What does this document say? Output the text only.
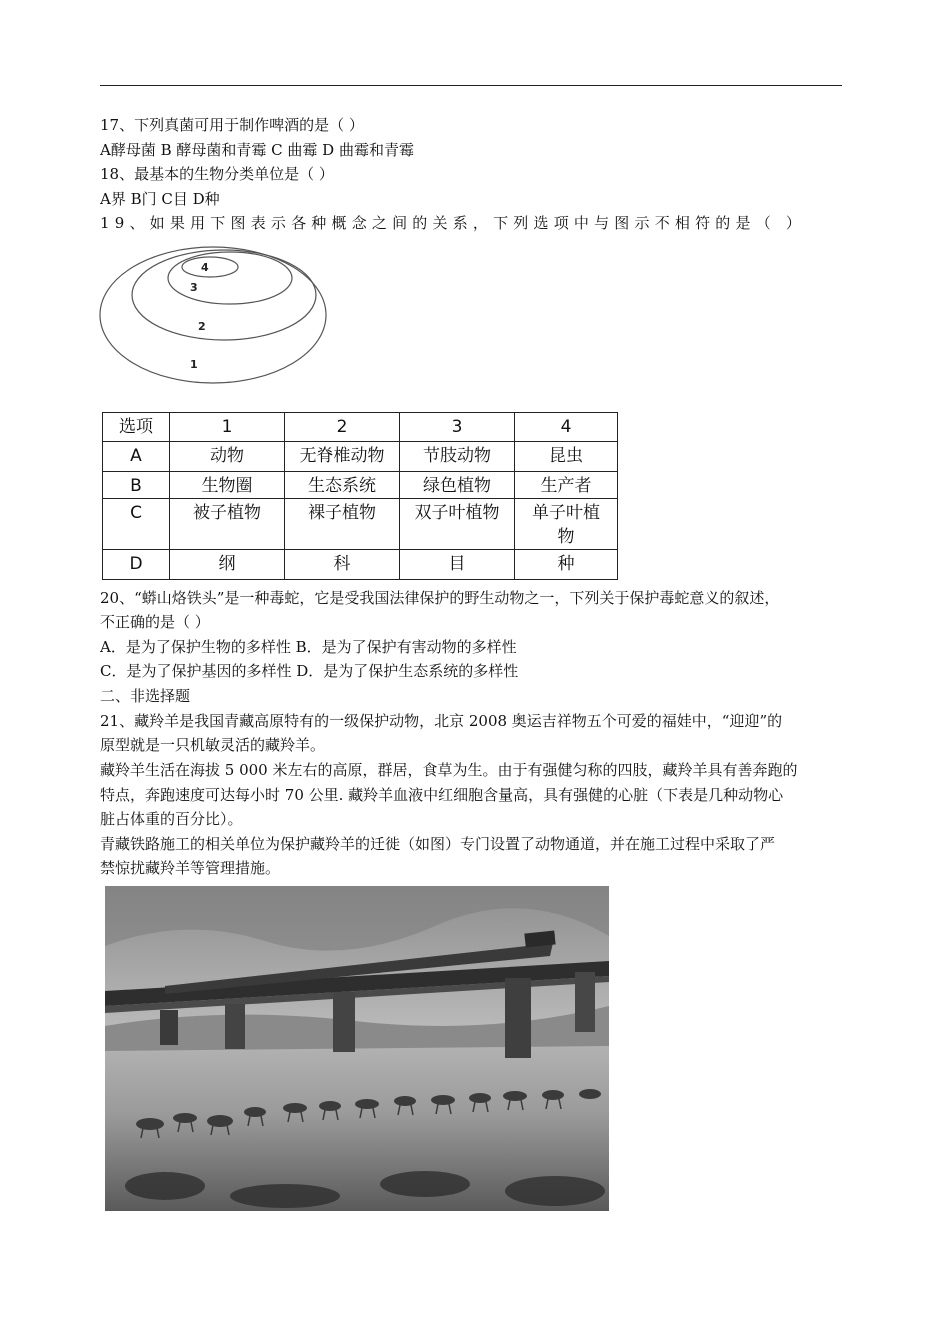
17、下列真菌可用于制作啤酒的是（ ）
A酵母菌 B 酵母菌和青霉 C 曲霉 D 曲霉和青霉
18、最基本的生物分类单位是（ ）
A界 B门 C目 D种
19、如果用下图表示各种概念之间的关系，下列选项中与图示不相符的是（ ）
4
3
2
1
选项	1	2	3	4
A	动物	无脊椎动物	节肢动物	昆虫
B	生物圈	生态系统	绿色植物	生产者
C	被子植物	裸子植物	双子叶植物	单子叶植
物
D	纲	科	目	种
20、“蟒山烙铁头”是一种毒蛇，它是受我国法律保护的野生动物之一，下列关于保护毒蛇意义的叙述，
不正确的是（ ）
A．是为了保护生物的多样性 B．是为了保护有害动物的多样性
C．是为了保护基因的多样性 D．是为了保护生态系统的多样性
二、非选择题
21、藏羚羊是我国青藏高原特有的一级保护动物，北京 2008 奥运吉祥物五个可爱的福娃中，“迎迎”的
原型就是一只机敏灵活的藏羚羊。
藏羚羊生活在海拔 5 000 米左右的高原，群居，食草为生。由于有强健匀称的四肢，藏羚羊具有善奔跑的
特点，奔跑速度可达每小时 70 公里. 藏羚羊血液中红细胞含量高，具有强健的心脏（下表是几种动物心
脏占体重的百分比）。
青藏铁路施工的相关单位为保护藏羚羊的迁徙（如图）专门设置了动物通道，并在施工过程中采取了严
禁惊扰藏羚羊等管理措施。
